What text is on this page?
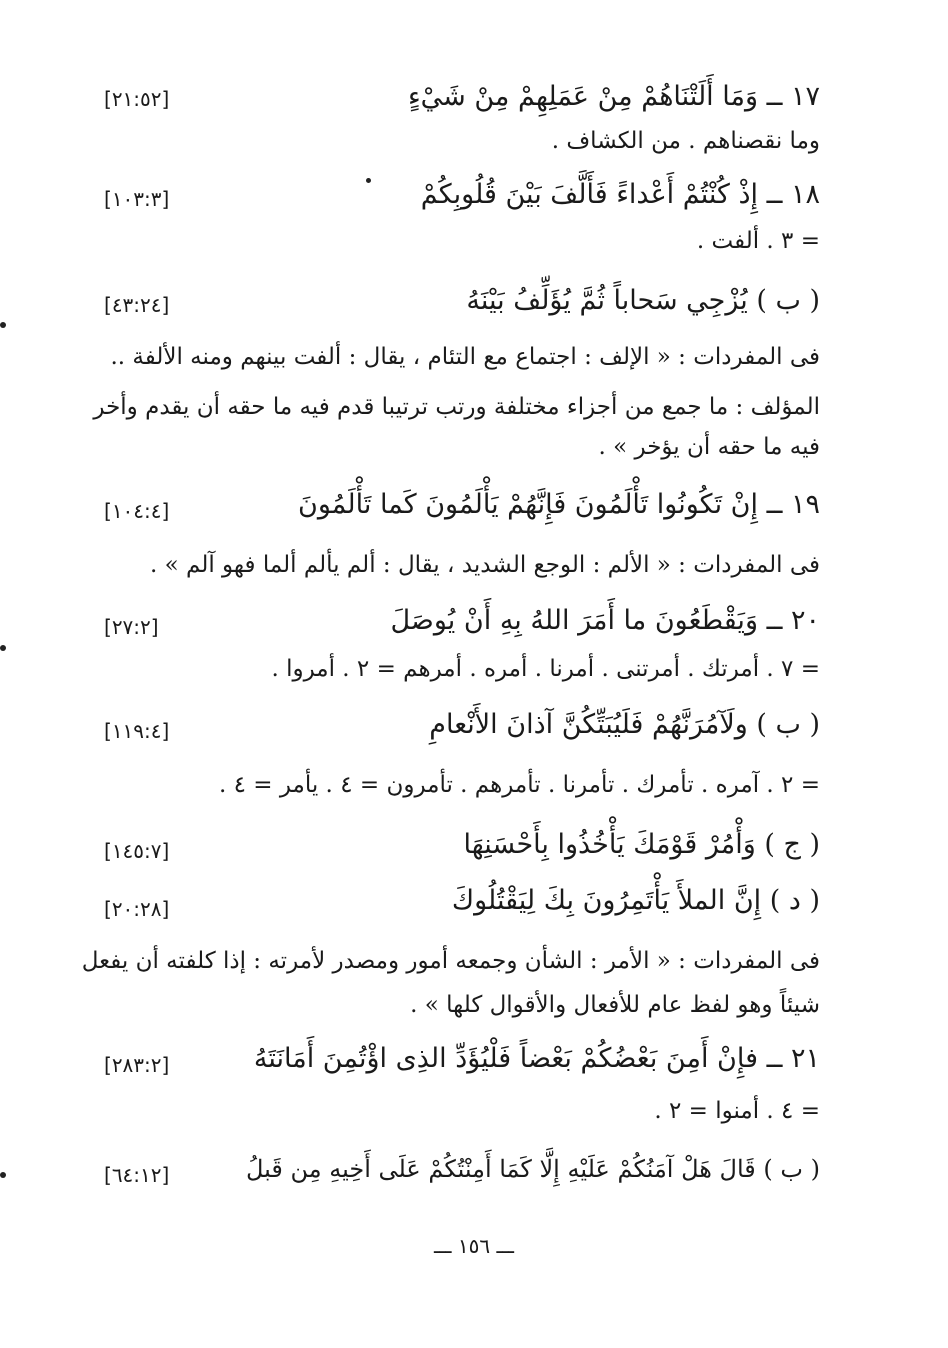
١٧ ــ وَمَا أَلَتْنَاهُمْ مِنْ عَمَلِهِمْ مِنْ شَيْءٍ
[٢١:٥٢]
وما نقصناهم . من الكشاف .
١٨ ــ إِذْ كُنْتُمْ أَعْداءً فَأَلَّفَ بَيْنَ قُلُوبِكُمْ
[١٠٣:٣]
= ٣ . ألفت .
( ب ) يُزْجِي سَحاباً ثُمَّ يُؤَلِّفُ بَيْنَهُ
[٤٣:٢٤]
فى المفردات : « الإلف : اجتماع مع التئام ، يقال : ألفت بينهم ومنه الألفة ..
المؤلف : ما جمع من أجزاء مختلفة ورتب ترتيبا قدم فيه ما حقه أن يقدم وأخر
فيه ما حقه أن يؤخر » .
١٩ ــ إِنْ تَكُونُوا تَأْلَمُونَ فَإِنَّهُمْ يَأْلَمُونَ كَما تَأْلَمُونَ
[١٠٤:٤]
فى المفردات : « الألم : الوجع الشديد ، يقال : ألم يألم ألما فهو آلم » .
٢٠ ــ وَيَقْطَعُونَ ما أَمَرَ اللهُ بِهِ أَنْ يُوصَلَ
[٢٧:٢]
= ٧ . أمرتك . أمرتنى . أمرنا . أمره . أمرهم = ٢ . أمروا .
( ب ) ولَآمُرَنَّهُمْ فَلَيُبَتِّكُنَّ آذانَ الأَنْعامِ
[١١٩:٤]
= ٢ . آمره . تأمرك . تأمرنا . تأمرهم . تأمرون = ٤ . يأمر = ٤ .
( ج ) وَأْمُرْ قَوْمَكَ يَأْخُذُوا بِأَحْسَنِهَا
[١٤٥:٧]
( د ) إِنَّ الملأَ يَأْتَمِرُونَ بِكَ لِيَقْتُلُوكَ
[٢٠:٢٨]
فى المفردات : « الأمر : الشأن وجمعه أمور ومصدر لأمرته : إذا كلفته أن يفعل
شيئاً وهو لفظ عام للأفعال والأقوال كلها » .
٢١ ــ فإِنْ أَمِنَ بَعْضُكُمْ بَعْضاً فَلْيُؤَدِّ الذِى اؤْتُمِنَ أَمَانَتَهُ
[٢٨٣:٢]
= ٤ . أمنوا = ٢ .
( ب ) قَالَ هَلْ آمَنُكُمْ عَلَيْهِ إِلَّا كَمَا أَمِنْتُكُمْ عَلَى أَخِيهِ مِن قَبلُ
[٦٤:١٢]
ـــ ١٥٦ ـــ
